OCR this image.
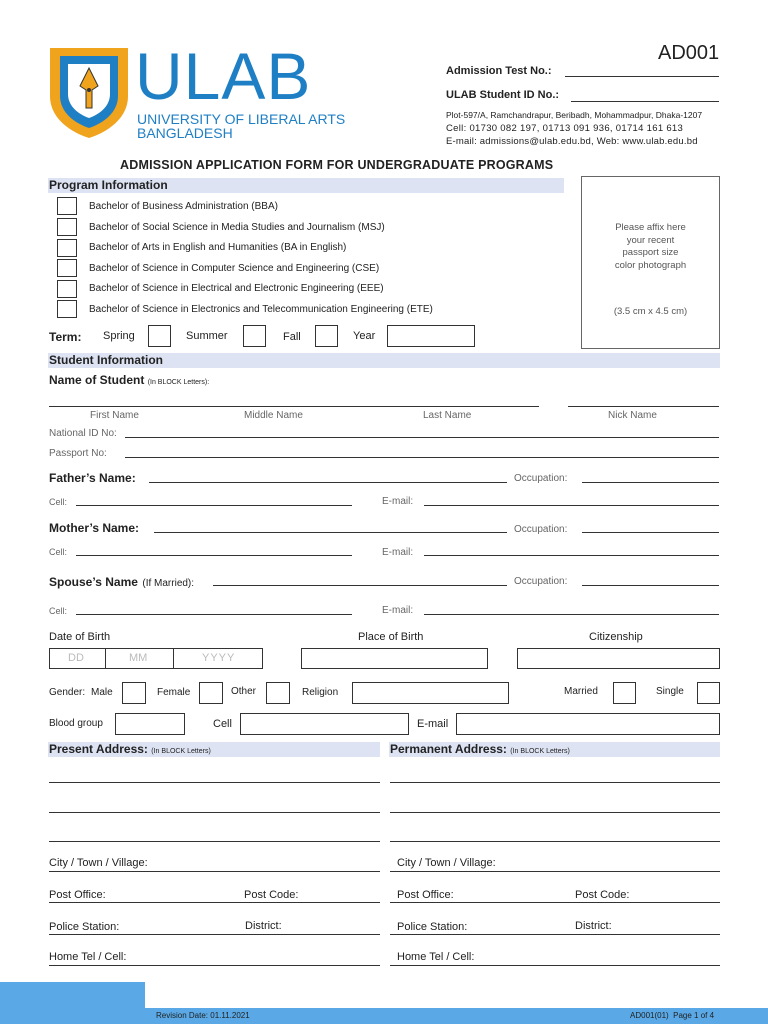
ULAB
UNIVERSITY OF LIBERAL ARTS
BANGLADESH
AD001
Admission Test No.:
ULAB Student ID No.:
Plot-597/A, Ramchandrapur, Beribadh, Mohammadpur, Dhaka-1207
Cell: 01730 082 197, 01713 091 936, 01714 161 613
E-mail: admissions@ulab.edu.bd, Web: www.ulab.edu.bd
ADMISSION APPLICATION FORM FOR UNDERGRADUATE PROGRAMS
Program Information
Bachelor of Business Administration (BBA)
Bachelor of Social Science in Media Studies and Journalism (MSJ)
Bachelor of Arts in English and Humanities (BA in English)
Bachelor of Science in Computer Science and Engineering (CSE)
Bachelor of Science in Electrical and Electronic Engineering (EEE)
Bachelor of Science in Electronics and Telecommunication Engineering (ETE)
Term: Spring	Summer	Fall	Year
Please affix here
your recent
passport size
color photograph
(3.5 cm x 4.5 cm)
Student Information
Name of Student (In BLOCK Letters):
First Name	Middle Name	Last Name	Nick Name
National ID No:
Passport No:
Father’s Name:	Occupation:
Cell:	E-mail:
Mother’s Name:	Occupation:
Cell:	E-mail:
Spouse’s Name (If Married):	Occupation:
Cell:	E-mail:
Date of Birth	Place of Birth	Citizenship
DD	MM	YYYY
Gender: Male	Female	Other	Religion	Married	Single
Blood group	Cell	E-mail
Present Address: (In BLOCK Letters)	Permanent Address: (In BLOCK Letters)
City / Town / Village:	City / Town / Village:
Post Office:	Post Code:	Post Office:	Post Code:
Police Station:	District:	Police Station:	District:
Home Tel / Cell:	Home Tel / Cell:
Revision Date: 01.11.2021	AD001(01)  Page 1 of 4
